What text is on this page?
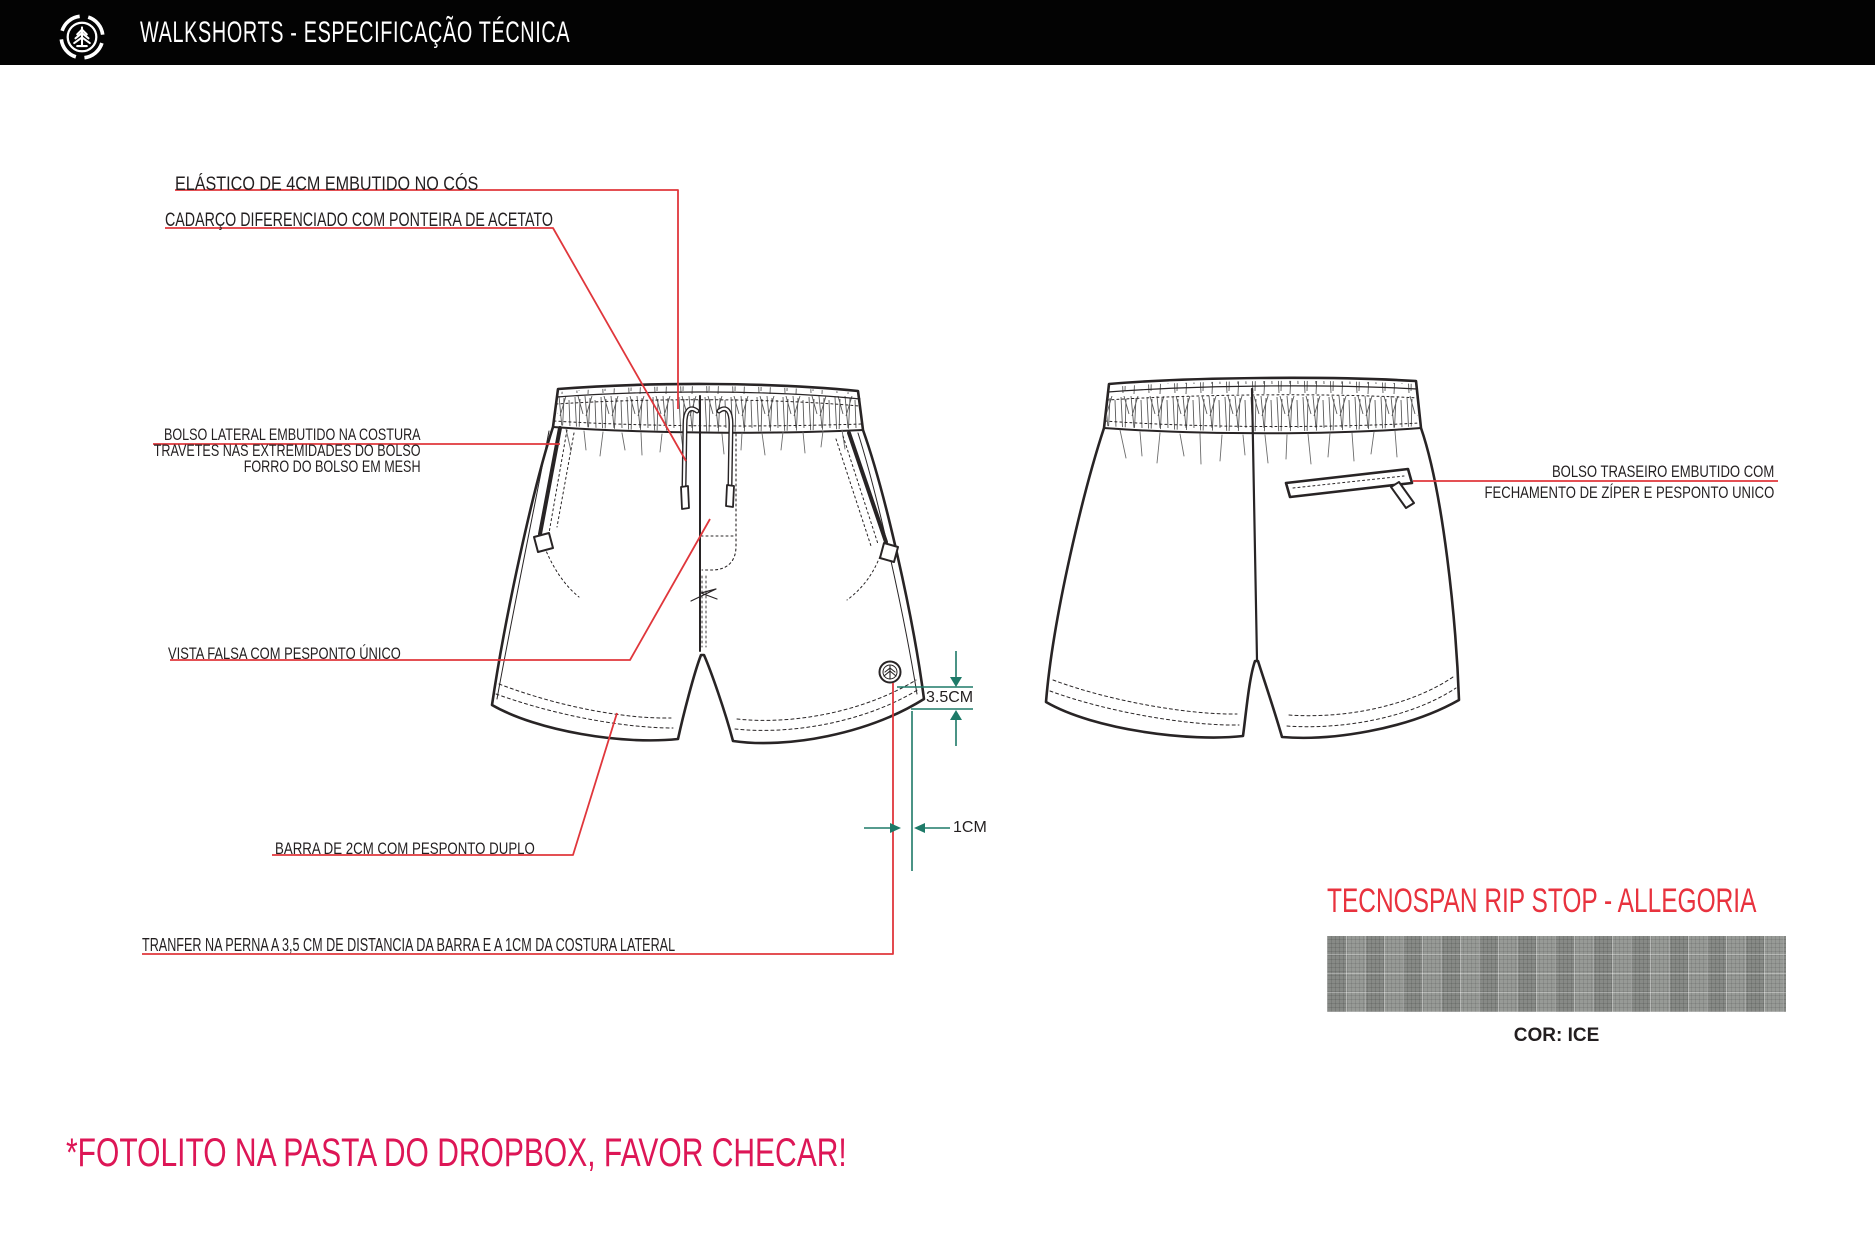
WALKSHORTS - ESPECIFICAÇÃO TÉCNICA
ELÁSTICO DE 4CM EMBUTIDO NO CÓS
CADARÇO DIFERENCIADO COM PONTEIRA DE ACETATO
BOLSO LATERAL EMBUTIDO NA COSTURA
TRAVETES NAS EXTREMIDADES DO BOLSO
FORRO DO BOLSO EM MESH
VISTA FALSA COM PESPONTO ÚNICO
BARRA DE 2CM COM PESPONTO DUPLO
TRANFER NA PERNA A 3,5 CM DE DISTANCIA DA BARRA E A 1CM DA COSTURA LATERAL
BOLSO TRASEIRO EMBUTIDO COM
FECHAMENTO DE ZÍPER E PESPONTO UNICO
3.5CM
1CM
TECNOSPAN RIP STOP - ALLEGORIA
COR: ICE
*FOTOLITO NA PASTA DO DROPBOX, FAVOR CHECAR!
